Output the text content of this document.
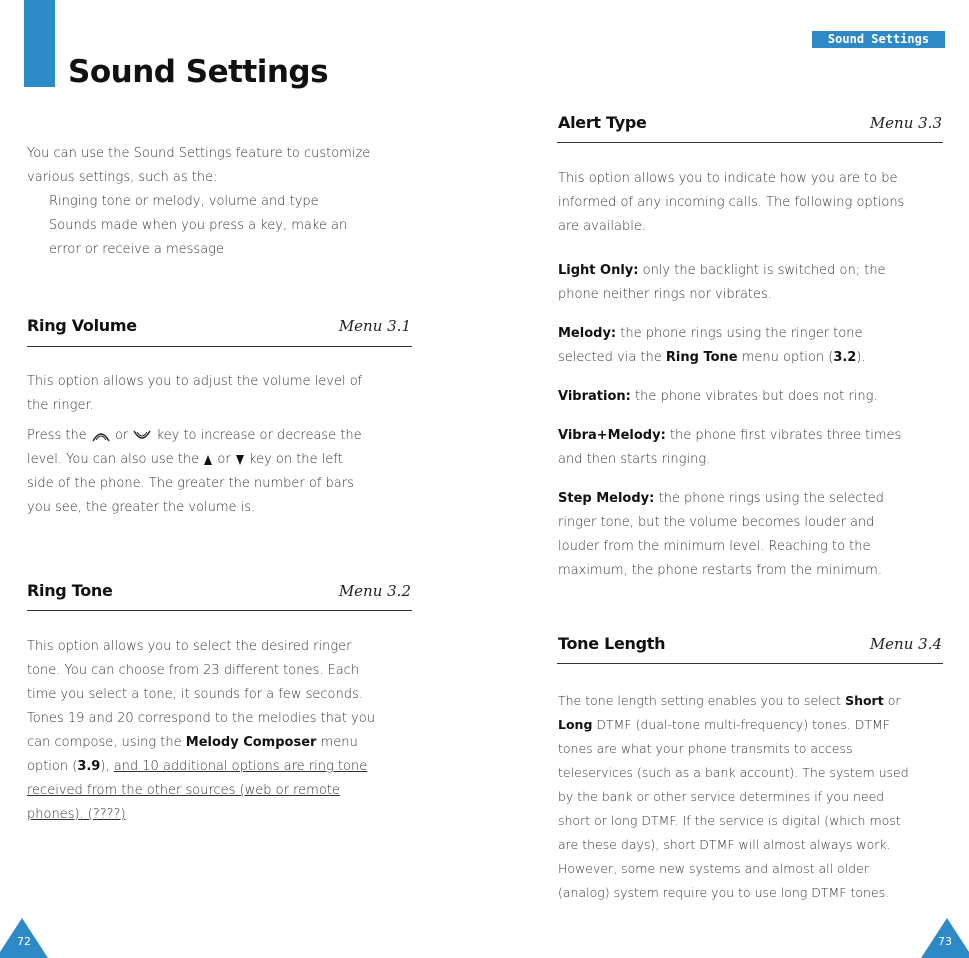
Sound Settings
Sound Settings
You can use the Sound Settings feature to customize
various settings, such as the:
Ringing tone or melody, volume and type
Sounds made when you press a key, make an
error or receive a message
Ring Volume	Menu 3.1
This option allows you to adjust the volume level of
the ringer.
Press the or key to increase or decrease the
level. You can also use the or key on the left
side of the phone. The greater the number of bars
you see, the greater the volume is.
Ring Tone	Menu 3.2
This option allows you to select the desired ringer
tone. You can choose from 23 different tones. Each
time you select a tone, it sounds for a few seconds.
Tones 19 and 20 correspond to the melodies that you
can compose, using the Melody Composer menu
option (3.9), and 10 additional options are ring tone
received from the other sources (web or remote
phones). (????)
Alert Type	Menu 3.3
This option allows you to indicate how you are to be
informed of any incoming calls. The following options
are available.
Light Only: only the backlight is switched on; the
phone neither rings nor vibrates.
Melody: the phone rings using the ringer tone
selected via the Ring Tone menu option (3.2).
Vibration: the phone vibrates but does not ring.
Vibra+Melody: the phone first vibrates three times
and then starts ringing.
Step Melody: the phone rings using the selected
ringer tone, but the volume becomes louder and
louder from the minimum level. Reaching to the
maximum, the phone restarts from the minimum.
Tone Length	Menu 3.4
The tone length setting enables you to select Short or
Long DTMF (dual-tone multi-frequency) tones. DTMF
tones are what your phone transmits to access
teleservices (such as a bank account). The system used
by the bank or other service determines if you need
short or long DTMF. If the service is digital (which most
are these days), short DTMF will almost always work.
However, some new systems and almost all older
(analog) system require you to use long DTMF tones.
72	73
